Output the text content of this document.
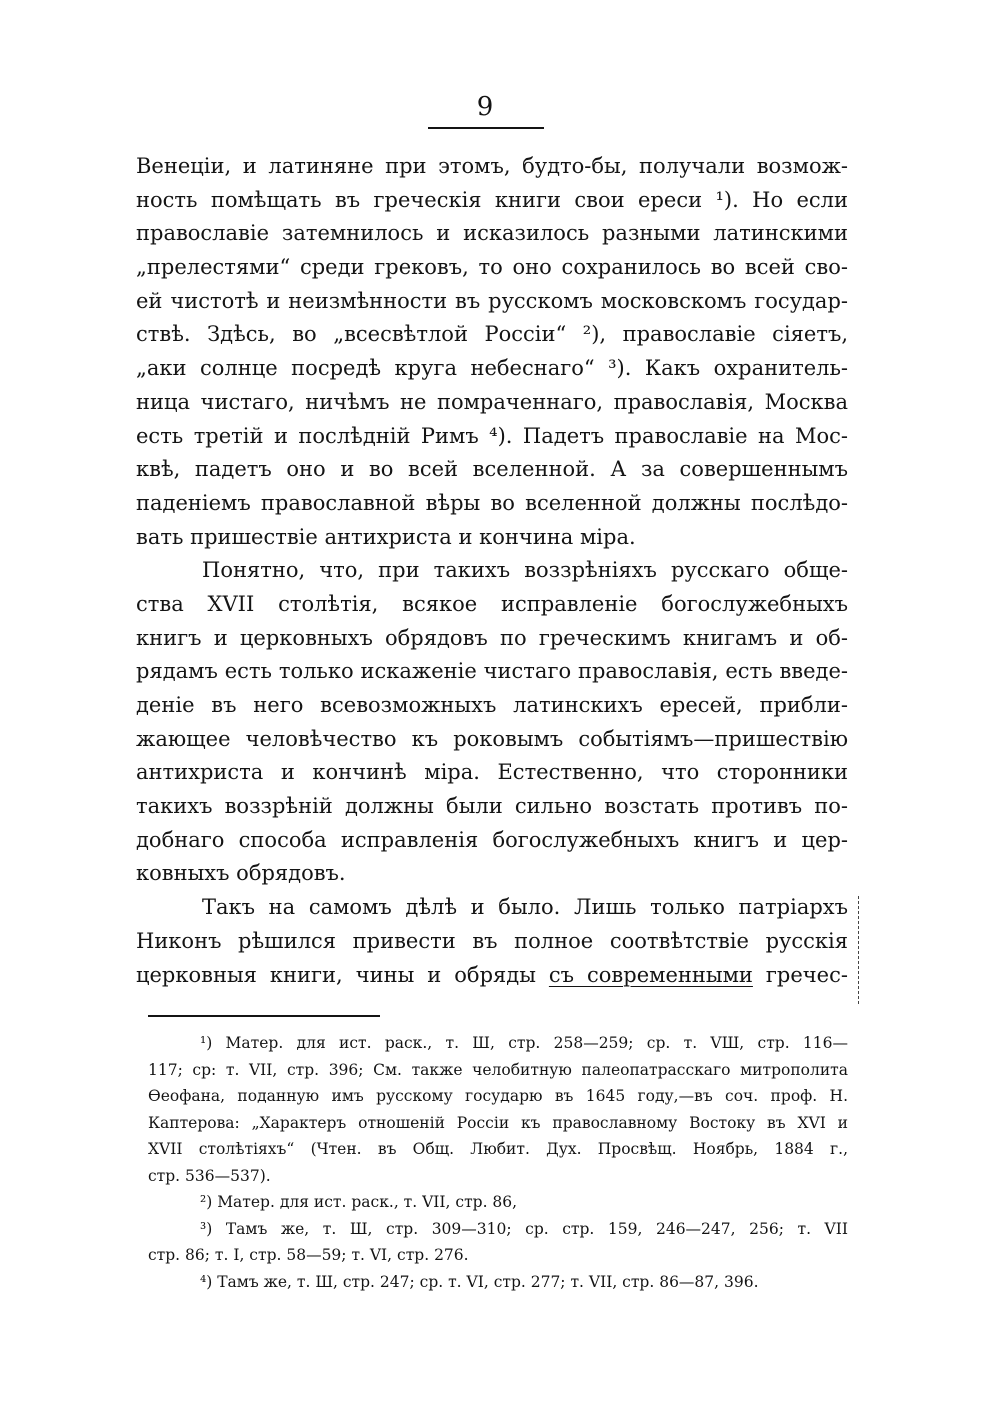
9
Венеціи, и латиняне при этомъ, будто-бы, получали возмож-
ность помѣщать въ греческія книги свои ереси ¹). Но если
православіе затемнилось и исказилось разными латинскими
„прелестями“ среди грековъ, то оно сохранилось во всей сво-
ей чистотѣ и неизмѣнности въ русскомъ московскомъ государ-
ствѣ. Здѣсь, во „всесвѣтлой Россіи“ ²), православіе сіяетъ,
„аки солнце посредѣ круга небеснаго“ ³). Какъ охранитель-
ница чистаго, ничѣмъ не помраченнаго, православія, Москва
есть третій и послѣдній Римъ ⁴). Падетъ православіе на Мос-
квѣ, падетъ оно и во всей вселенной. А за совершеннымъ
паденіемъ православной вѣры во вселенной должны послѣдо-
вать пришествіе антихриста и кончина міра.
Понятно, что, при такихъ воззрѣніяхъ русскаго обще-
ства XVII столѣтія, всякое исправленіе богослужебныхъ
книгъ и церковныхъ обрядовъ по греческимъ книгамъ и об-
рядамъ есть только искаженіе чистаго православія, есть введе-
деніе въ него всевозможныхъ латинскихъ ересей, прибли-
жающее человѣчество къ роковымъ событіямъ—пришествію
антихриста и кончинѣ міра. Естественно, что сторонники
такихъ воззрѣній должны были сильно возстать противъ по-
добнаго способа исправленія богослужебныхъ книгъ и цер-
ковныхъ обрядовъ.
Такъ на самомъ дѣлѣ и было. Лишь только патріархъ
Никонъ рѣшился привести въ полное соотвѣтствіе русскія
церковныя книги, чины и обряды съ современными гречес-
¹) Матер. для ист. раск., т. Ш, стр. 258—259; ср. т. VШ, стр. 116—
117; ср: т. VII, стр. 396; См. также челобитную палеопатрасскаго митрополита
Ѳеофана, поданную имъ русскому государю въ 1645 году,—въ соч. проф. Н.
Каптерова: „Характеръ отношеній Россіи къ православному Востоку въ XVI и
XVII столѣтіяхъ“ (Чтен. въ Общ. Любит. Дух. Просвѣщ. Ноябрь, 1884 г.,
стр. 536—537).
²) Матер. для ист. раск., т. VII, стр. 86,
³) Тамъ же, т. Ш, стр. 309—310; ср. стр. 159, 246—247, 256; т. VII
стр. 86; т. I, стр. 58—59; т. VI, стр. 276.
⁴) Тамъ же, т. Ш, стр. 247; ср. т. VI, стр. 277; т. VII, стр. 86—87, 396.
